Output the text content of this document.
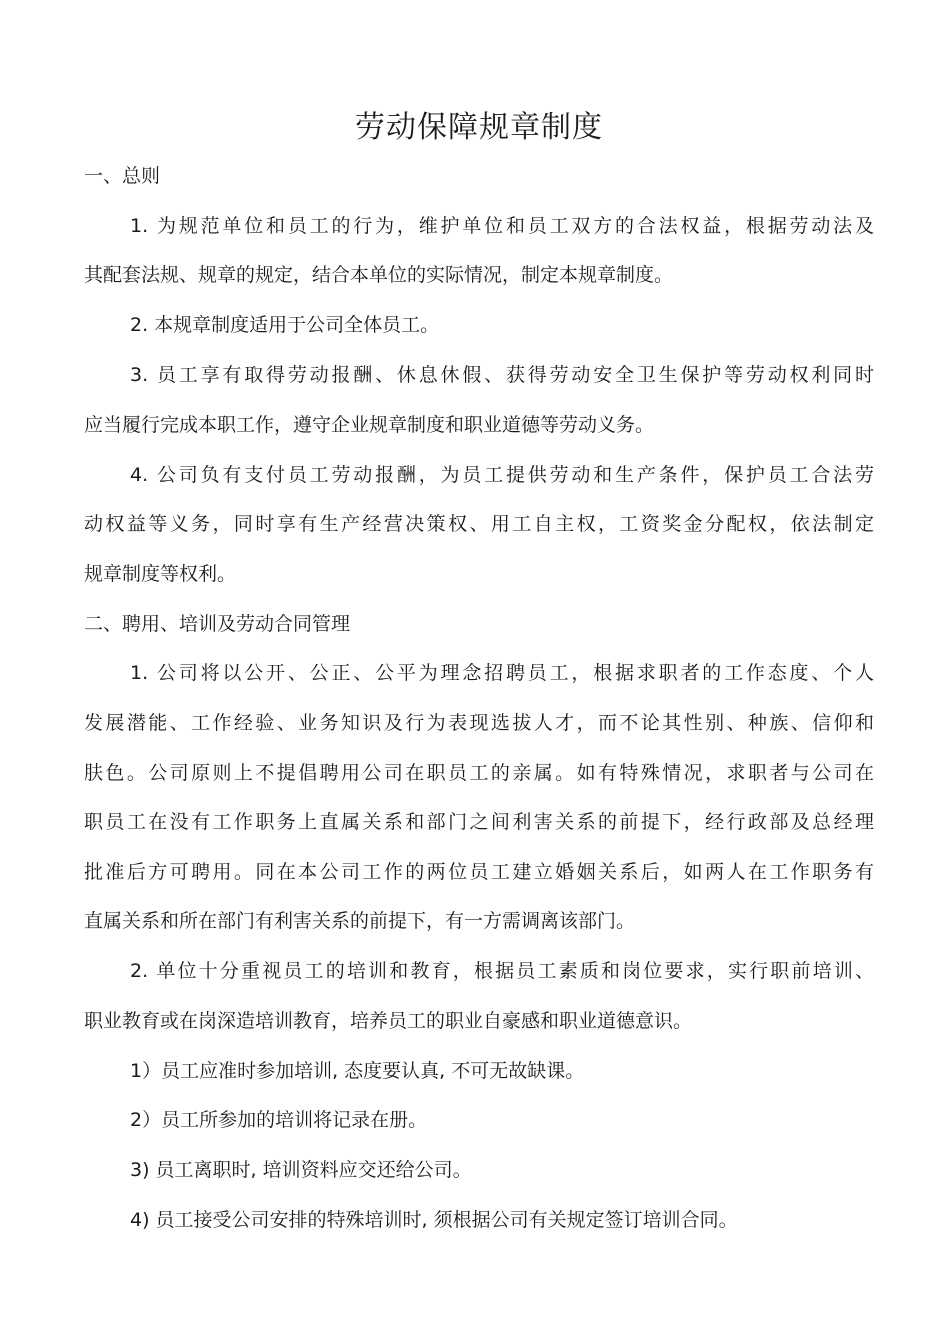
劳动保障规章制度

一、总则

1. 为规范单位和员工的行为，维护单位和员工双方的合法权益，根据劳动法及

其配套法规、规章的规定，结合本单位的实际情况，制定本规章制度。

2. 本规章制度适用于公司全体员工。

3. 员工享有取得劳动报酬、休息休假、获得劳动安全卫生保护等劳动权利同时

应当履行完成本职工作，遵守企业规章制度和职业道德等劳动义务。

4. 公司负有支付员工劳动报酬，为员工提供劳动和生产条件，保护员工合法劳

动权益等义务，同时享有生产经营决策权、用工自主权，工资奖金分配权，依法制定

规章制度等权利。

二、聘用、培训及劳动合同管理

1. 公司将以公开、公正、公平为理念招聘员工，根据求职者的工作态度、个人

发展潜能、工作经验、业务知识及行为表现选拔人才，而不论其性别、种族、信仰和

肤色。公司原则上不提倡聘用公司在职员工的亲属。如有特殊情况，求职者与公司在

职员工在没有工作职务上直属关系和部门之间利害关系的前提下，经行政部及总经理

批准后方可聘用。同在本公司工作的两位员工建立婚姻关系后，如两人在工作职务有

直属关系和所在部门有利害关系的前提下，有一方需调离该部门。

2. 单位十分重视员工的培训和教育，根据员工素质和岗位要求，实行职前培训、

职业教育或在岗深造培训教育，培养员工的职业自豪感和职业道德意识。

1）员工应准时参加培训, 态度要认真, 不可无故缺课。

2）员工所参加的培训将记录在册。

3) 员工离职时, 培训资料应交还给公司。

4) 员工接受公司安排的特殊培训时, 须根据公司有关规定签订培训合同。
